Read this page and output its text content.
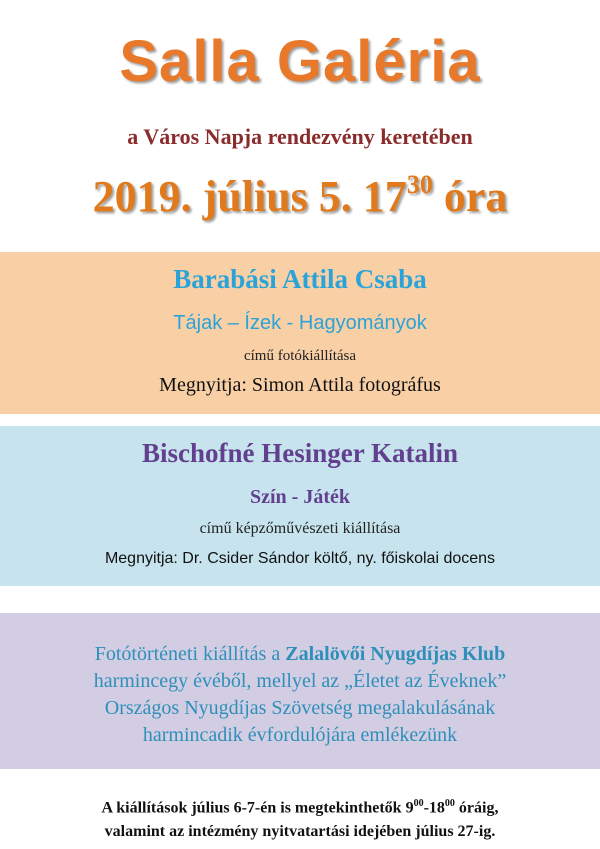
Salla Galéria
a Város Napja rendezvény keretében
2019. július 5. $17^{30}$ óra
Barabási Attila Csaba
Tájak – Ízek - Hagyományok
című fotókiállítása
Megnyitja: Simon Attila fotográfus
Bischofné Hesinger Katalin
Szín - Játék
című képzőművészeti kiállítása
Megnyitja: Dr. Csider Sándor költő, ny. főiskolai docens
Fotótörténeti kiállítás a Zalalövői Nyugdíjas Klub
harmincegy évéből, mellyel az „Életet az Éveknek”
Országos Nyugdíjas Szövetség megalakulásának
harmincadik évfordulójára emlékezünk
A kiállítások július 6-7-én is megtekinthetők $9^{00}-18^{00}$ óráig,
valamint az intézmény nyitvatartási idejében július 27-ig.
